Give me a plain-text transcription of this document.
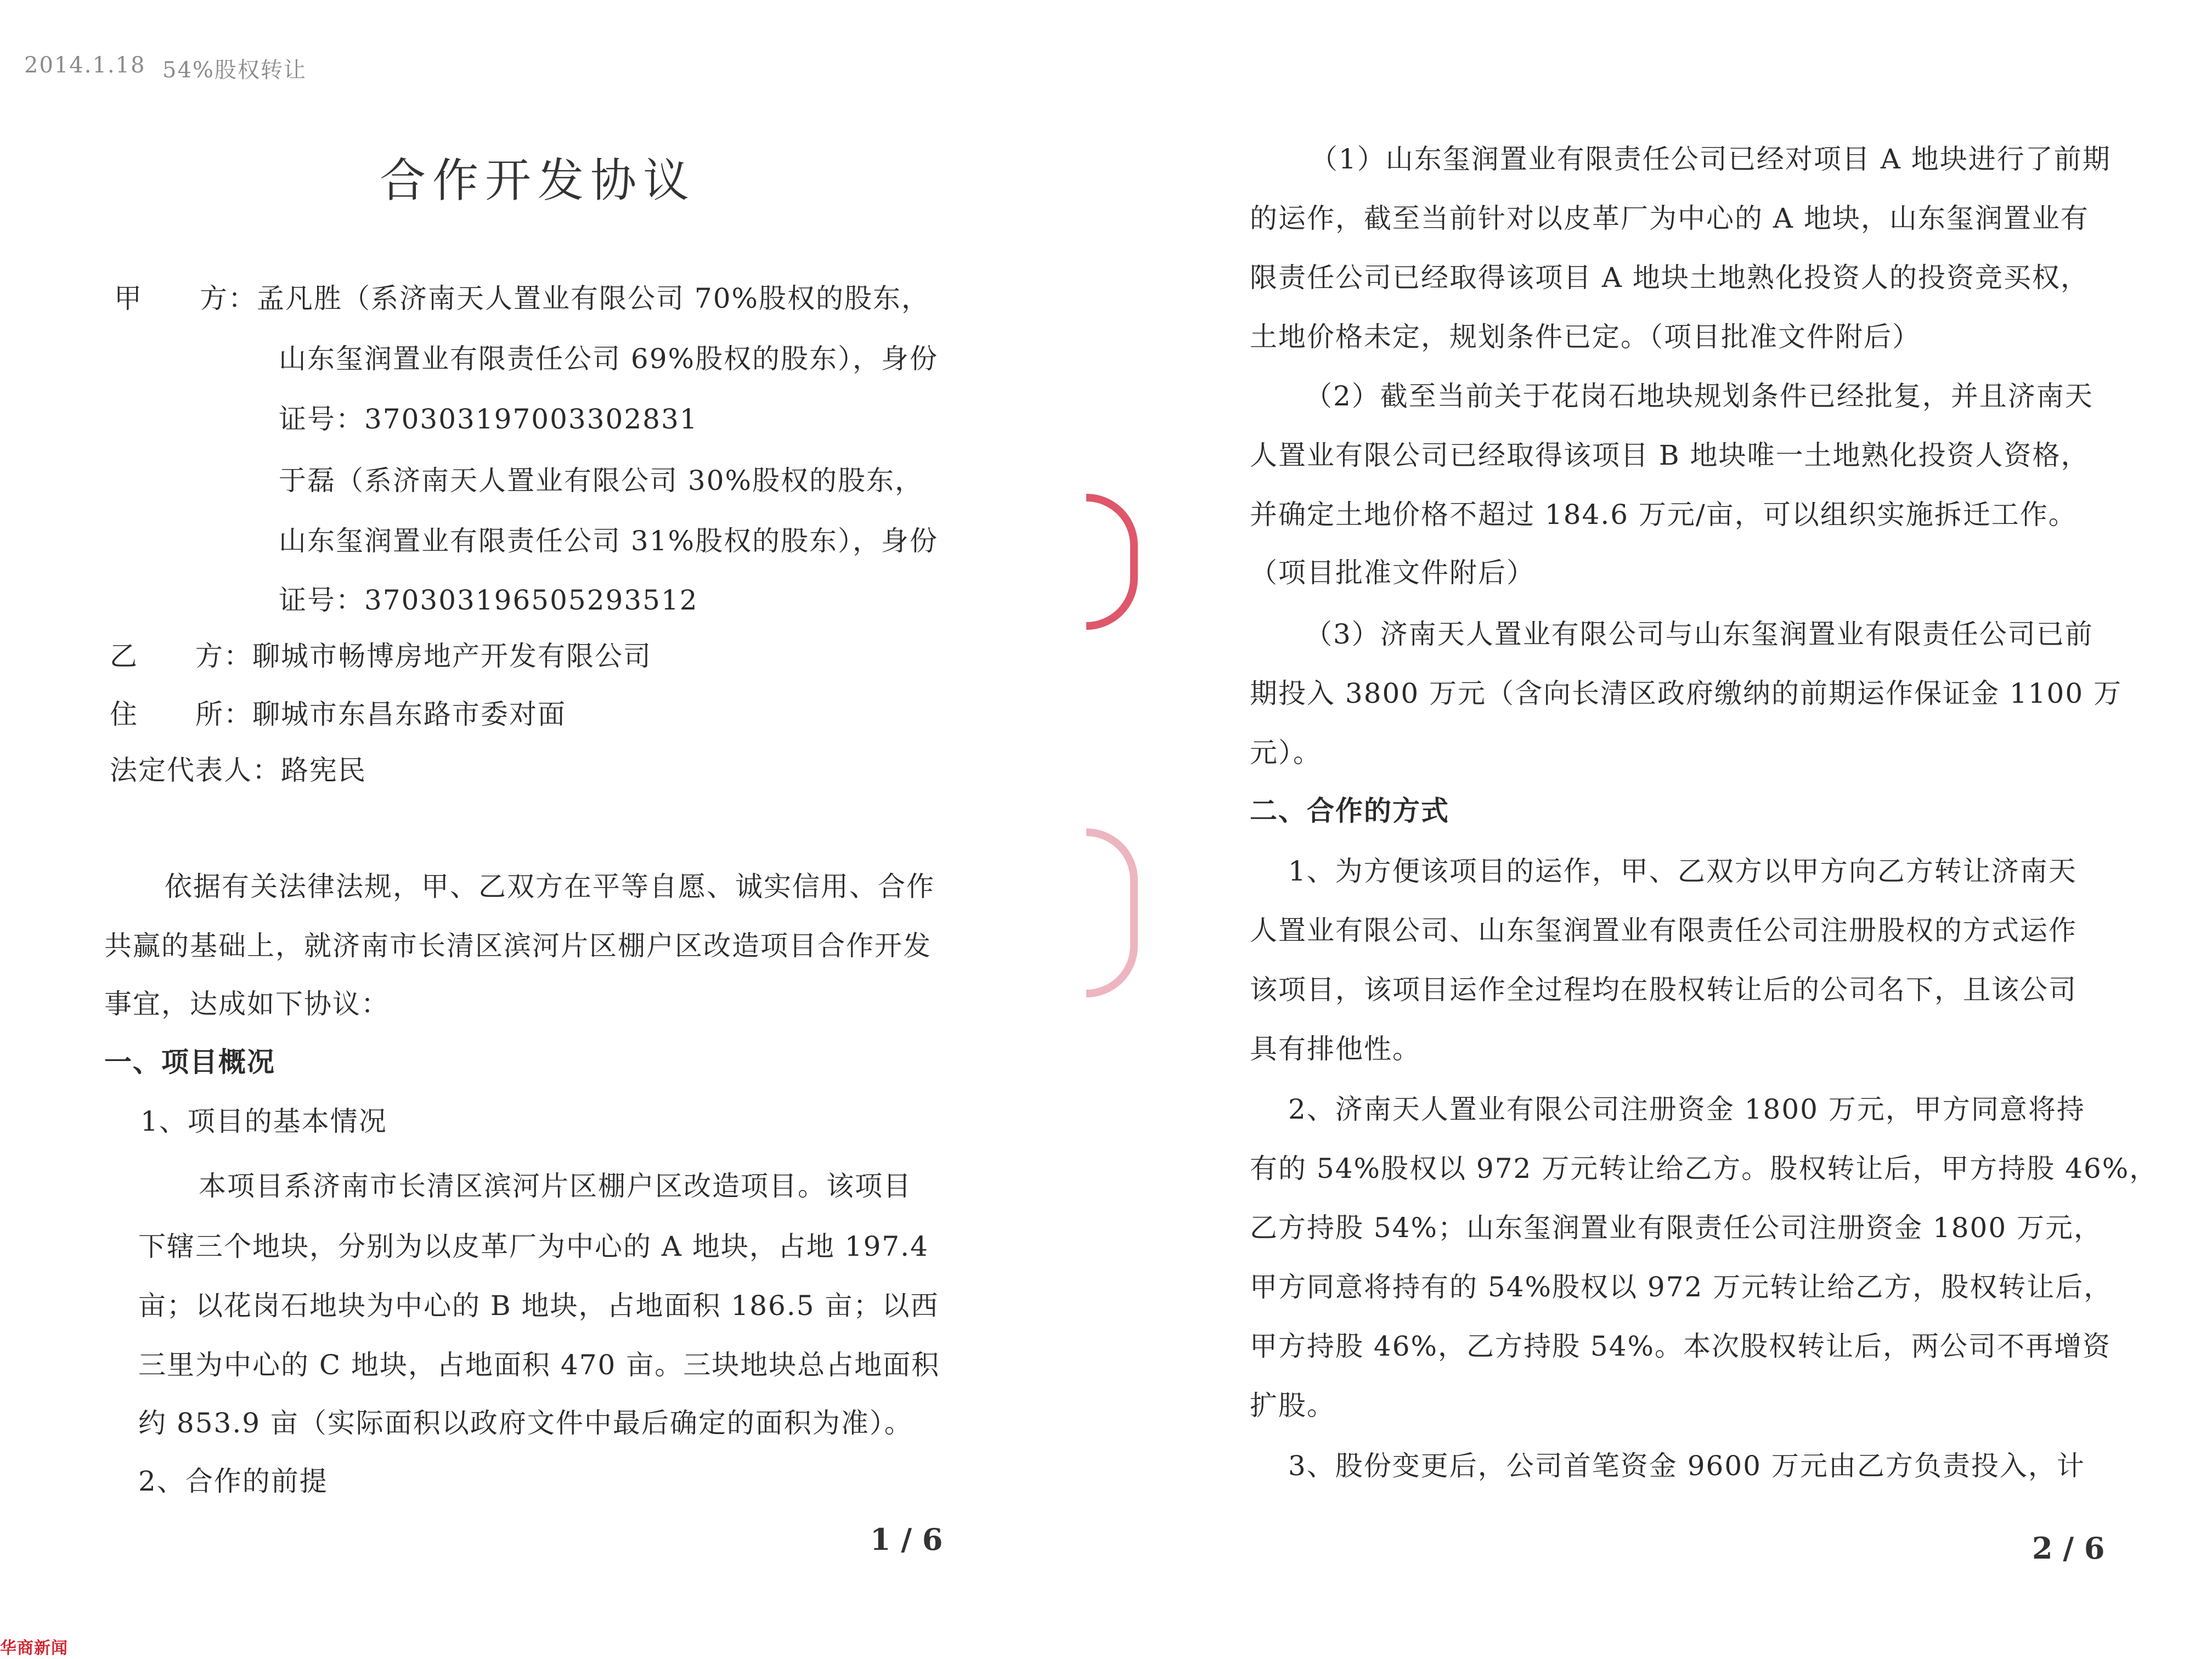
2014.1.18 54%股权转让
合作开发协议
甲　　方：孟凡胜（系济南天人置业有限公司 70%股权的股东，
山东玺润置业有限责任公司 69%股权的股东），身份
证号：370303197003302831
于磊（系济南天人置业有限公司 30%股权的股东，
山东玺润置业有限责任公司 31%股权的股东），身份
证号：370303196505293512
乙　　方：聊城市畅博房地产开发有限公司
住　　所：聊城市东昌东路市委对面
法定代表人：路宪民
依据有关法律法规，甲、乙双方在平等自愿、诚实信用、合作
共赢的基础上，就济南市长清区滨河片区棚户区改造项目合作开发
事宜，达成如下协议：
一、项目概况
1、项目的基本情况
本项目系济南市长清区滨河片区棚户区改造项目。该项目
下辖三个地块，分别为以皮革厂为中心的 A 地块，占地 197.4
亩；以花岗石地块为中心的 B 地块，占地面积 186.5 亩；以西
三里为中心的 C 地块，占地面积 470 亩。三块地块总占地面积
约 853.9 亩（实际面积以政府文件中最后确定的面积为准）。
2、合作的前提
1 / 6
（1）山东玺润置业有限责任公司已经对项目 A 地块进行了前期
的运作，截至当前针对以皮革厂为中心的 A 地块，山东玺润置业有
限责任公司已经取得该项目 A 地块土地熟化投资人的投资竞买权，
土地价格未定，规划条件已定。（项目批准文件附后）
（2）截至当前关于花岗石地块规划条件已经批复，并且济南天
人置业有限公司已经取得该项目 B 地块唯一土地熟化投资人资格，
并确定土地价格不超过 184.6 万元/亩，可以组织实施拆迁工作。
（项目批准文件附后）
（3）济南天人置业有限公司与山东玺润置业有限责任公司已前
期投入 3800 万元（含向长清区政府缴纳的前期运作保证金 1100 万
元）。
二、合作的方式
1、为方便该项目的运作，甲、乙双方以甲方向乙方转让济南天
人置业有限公司、山东玺润置业有限责任公司注册股权的方式运作
该项目，该项目运作全过程均在股权转让后的公司名下，且该公司
具有排他性。
2、济南天人置业有限公司注册资金 1800 万元，甲方同意将持
有的 54%股权以 972 万元转让给乙方。股权转让后，甲方持股 46%，
乙方持股 54%；山东玺润置业有限责任公司注册资金 1800 万元，
甲方同意将持有的 54%股权以 972 万元转让给乙方，股权转让后，
甲方持股 46%，乙方持股 54%。本次股权转让后，两公司不再增资
扩股。
3、股份变更后，公司首笔资金 9600 万元由乙方负责投入，计
2 / 6
华商新闻
